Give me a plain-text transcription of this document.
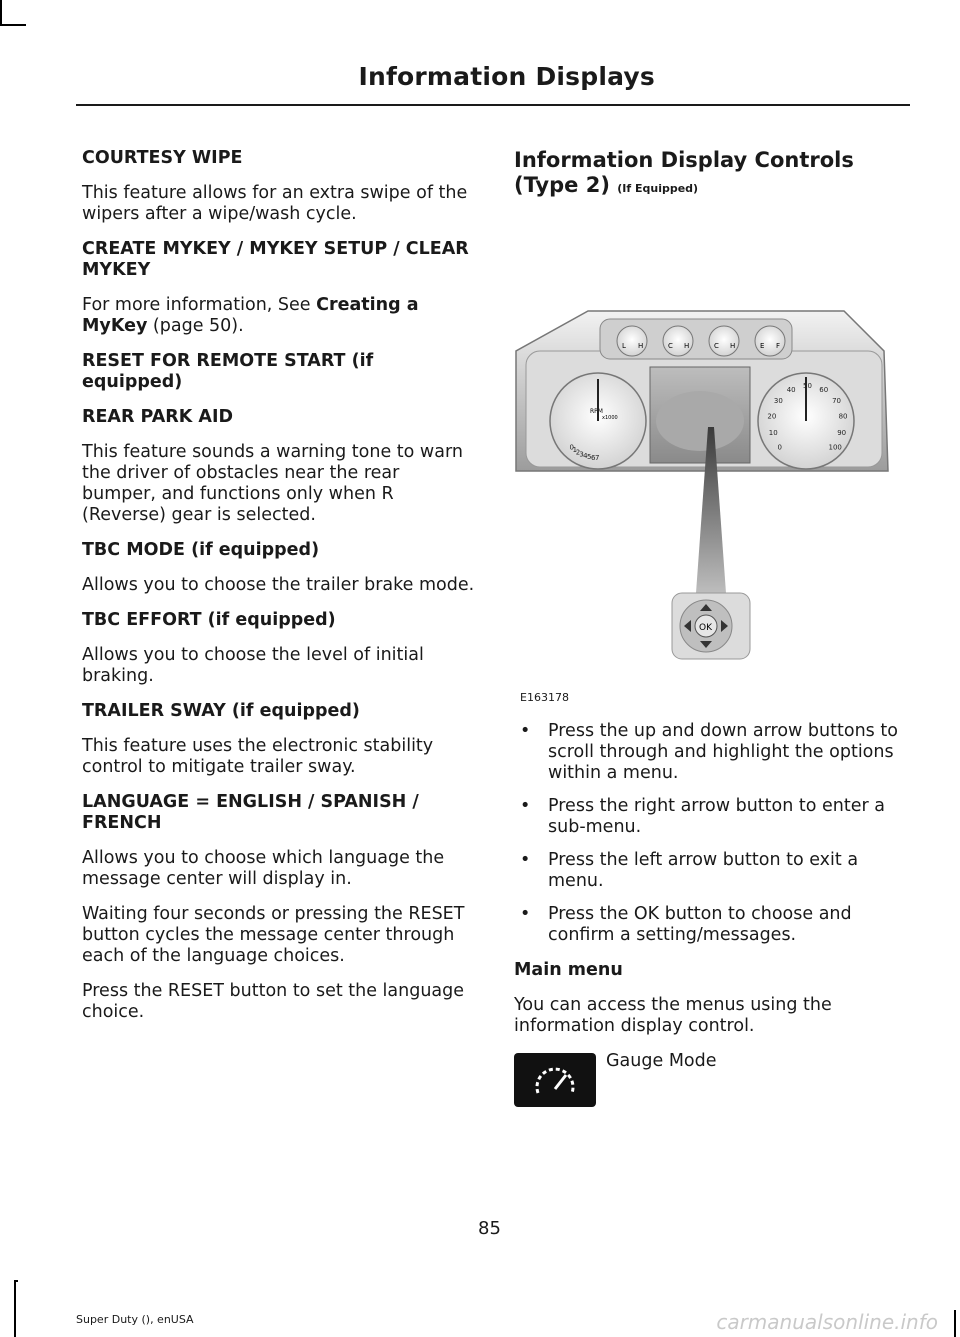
Information Displays
COURTESY WIPE
This feature allows for an extra swipe of the wipers after a wipe/wash cycle.
CREATE MYKEY / MYKEY SETUP / CLEAR MYKEY
For more information, See Creating a MyKey (page 50).
RESET FOR REMOTE START (if equipped)
REAR PARK AID
This feature sounds a warning tone to warn the driver of obstacles near the rear bumper, and functions only when R (Reverse) gear is selected.
TBC MODE (if equipped)
Allows you to choose the trailer brake mode.
TBC EFFORT (if equipped)
Allows you to choose the level of initial braking.
TRAILER SWAY (if equipped)
This feature uses the electronic stability control to mitigate trailer sway.
LANGUAGE = ENGLISH / SPANISH / FRENCH
Allows you to choose which language the message center will display in.
Waiting four seconds or pressing the RESET button cycles the message center through each of the language choices.
Press the RESET button to set the language choice.
Information Display Controls (Type 2) (If Equipped)
L H	C H	C H	E F
0
1
2 3 4 5 6 7
RPM
x1000
0
10
20
30
40 50 60
70
80
90
100
OK
E163178
• Press the up and down arrow buttons to scroll through and highlight the options within a menu.
• Press the right arrow button to enter a sub-menu.
• Press the left arrow button to exit a menu.
• Press the OK button to choose and confirm a setting/messages.
Main menu
You can access the menus using the information display control.
Gauge Mode
85
Super Duty (), enUSA	carmanualsonline.info
